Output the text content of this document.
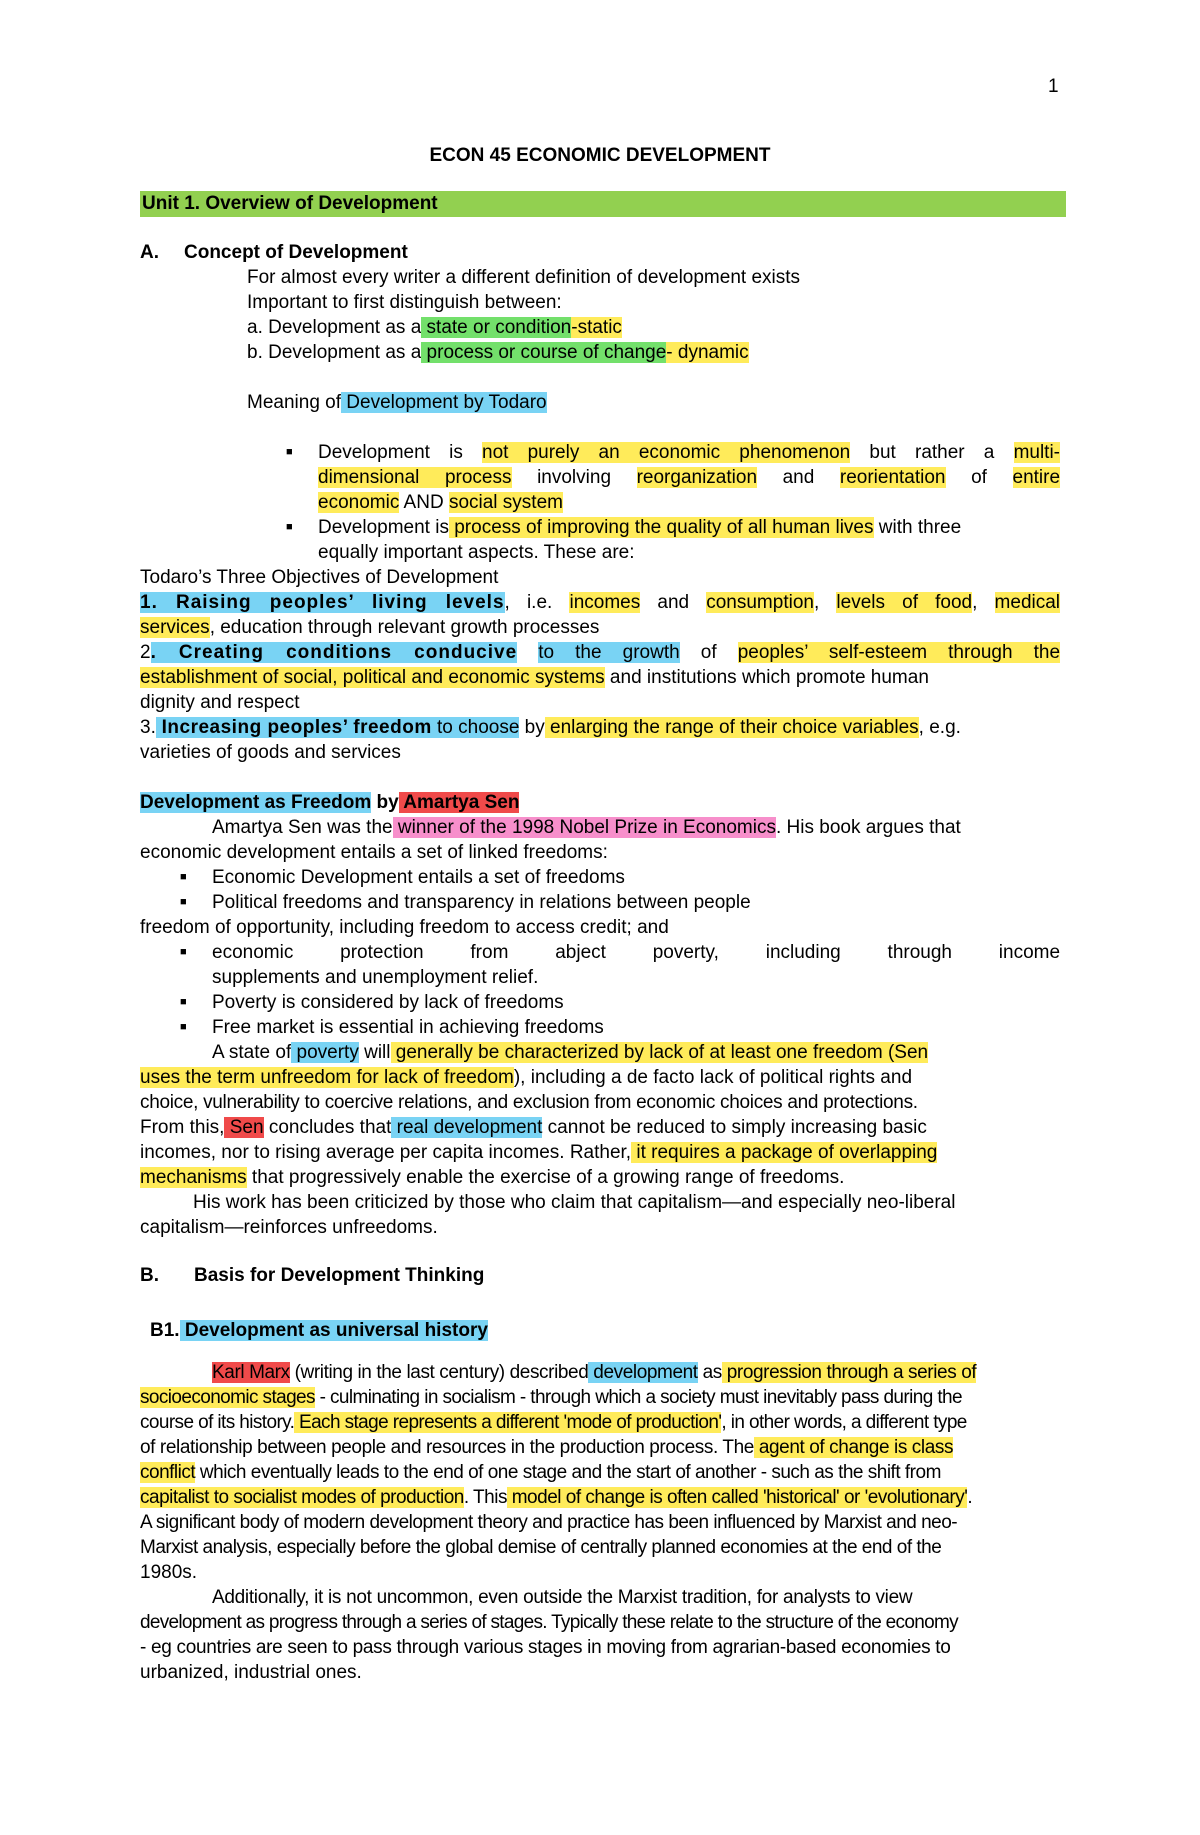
1
ECON 45 ECONOMIC DEVELOPMENT
Unit 1. Overview of Development
A. Concept of Development
For almost every writer a different definition of development exists
Important to first distinguish between:
a. Development as a state or condition-static
b. Development as a process or course of change- dynamic
Meaning of Development by Todaro
■ Development is not purely an economic phenomenon but rather a multi-
dimensional process involving reorganization and reorientation of entire
economic AND social system
■ Development is process of improving the quality of all human lives with three
equally important aspects. These are:
Todaro’s Three Objectives of Development
1. Raising peoples’ living levels, i.e. incomes and consumption, levels of food, medical
services, education through relevant growth processes
2. Creating conditions conducive to the growth of peoples’ self-esteem through the
establishment of social, political and economic systems and institutions which promote human
dignity and respect
3. Increasing peoples’ freedom to choose by enlarging the range of their choice variables, e.g.
varieties of goods and services
Development as Freedom by Amartya Sen
Amartya Sen was the winner of the 1998 Nobel Prize in Economics. His book argues that
economic development entails a set of linked freedoms:
■ Economic Development entails a set of freedoms
■ Political freedoms and transparency in relations between people
freedom of opportunity, including freedom to access credit; and
■ economic protection from abject poverty, including through income
supplements and unemployment relief.
■ Poverty is considered by lack of freedoms
■ Free market is essential in achieving freedoms
A state of poverty will generally be characterized by lack of at least one freedom (Sen
uses the term unfreedom for lack of freedom), including a de facto lack of political rights and
choice, vulnerability to coercive relations, and exclusion from economic choices and protections.
From this, Sen concludes that real development cannot be reduced to simply increasing basic
incomes, nor to rising average per capita incomes. Rather, it requires a package of overlapping
mechanisms that progressively enable the exercise of a growing range of freedoms.
His work has been criticized by those who claim that capitalism—and especially neo-liberal
capitalism—reinforces unfreedoms.
B. Basis for Development Thinking
B1. Development as universal history
Karl Marx (writing in the last century) described development as progression through a series of
socioeconomic stages - culminating in socialism - through which a society must inevitably pass during the
course of its history. Each stage represents a different 'mode of production', in other words, a different type
of relationship between people and resources in the production process. The agent of change is class
conflict which eventually leads to the end of one stage and the start of another - such as the shift from
capitalist to socialist modes of production. This model of change is often called 'historical' or 'evolutionary'.
A significant body of modern development theory and practice has been influenced by Marxist and neo-
Marxist analysis, especially before the global demise of centrally planned economies at the end of the
1980s.
Additionally, it is not uncommon, even outside the Marxist tradition, for analysts to view
development as progress through a series of stages. Typically these relate to the structure of the economy
- eg countries are seen to pass through various stages in moving from agrarian-based economies to
urbanized, industrial ones.
